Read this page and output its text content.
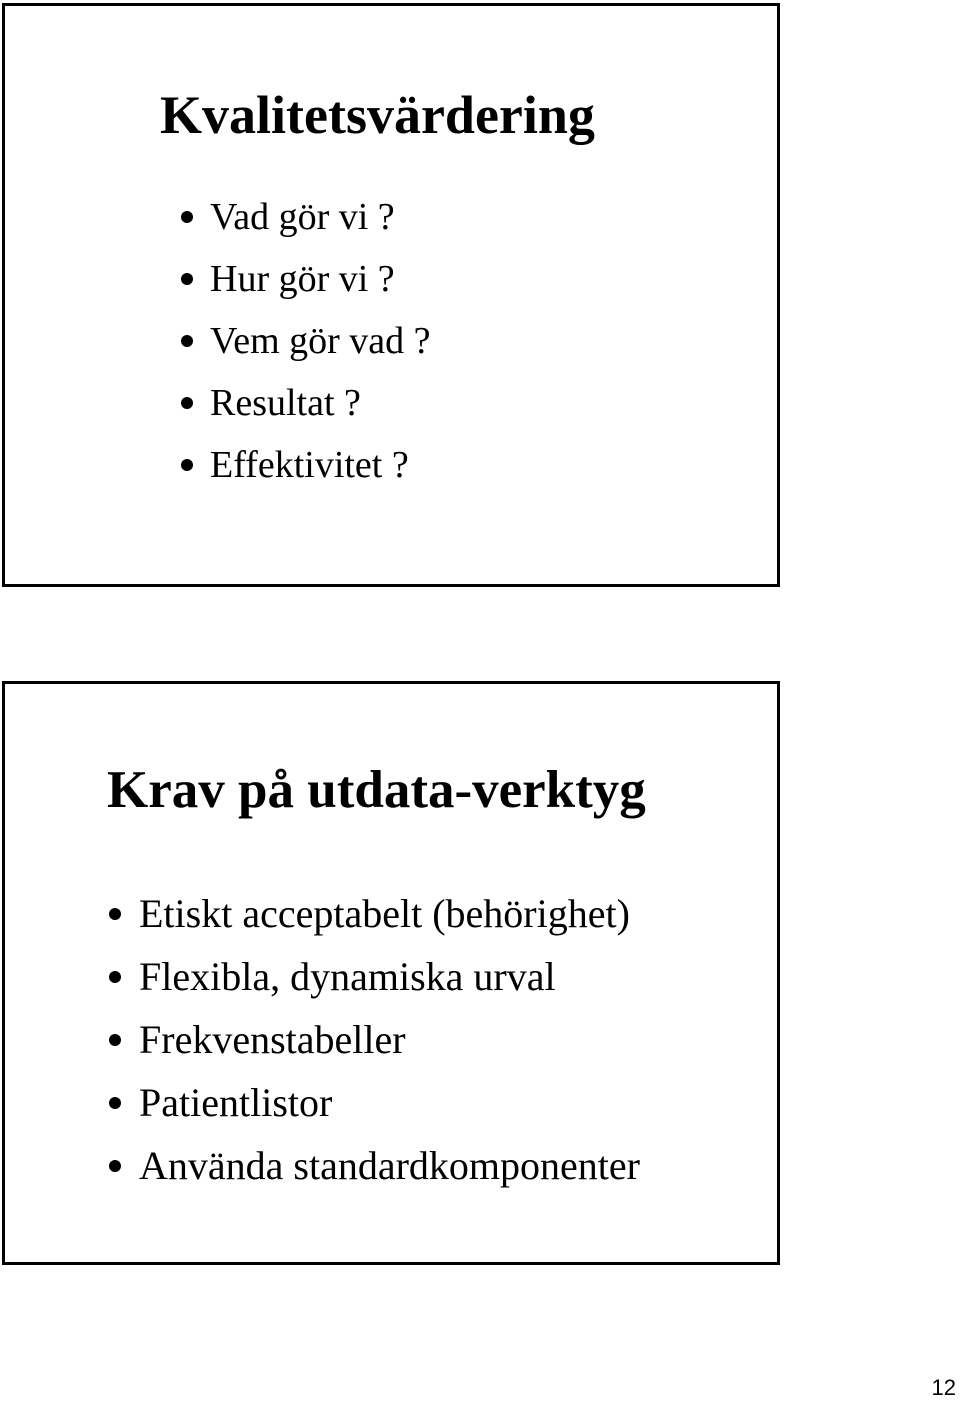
Kvalitetsvärdering
Vad gör vi ?
Hur gör vi ?
Vem gör vad ?
Resultat ?
Effektivitet ?
Krav på utdata-verktyg
Etiskt acceptabelt (behörighet)
Flexibla, dynamiska urval
Frekvenstabeller
Patientlistor
Använda standardkomponenter
12
